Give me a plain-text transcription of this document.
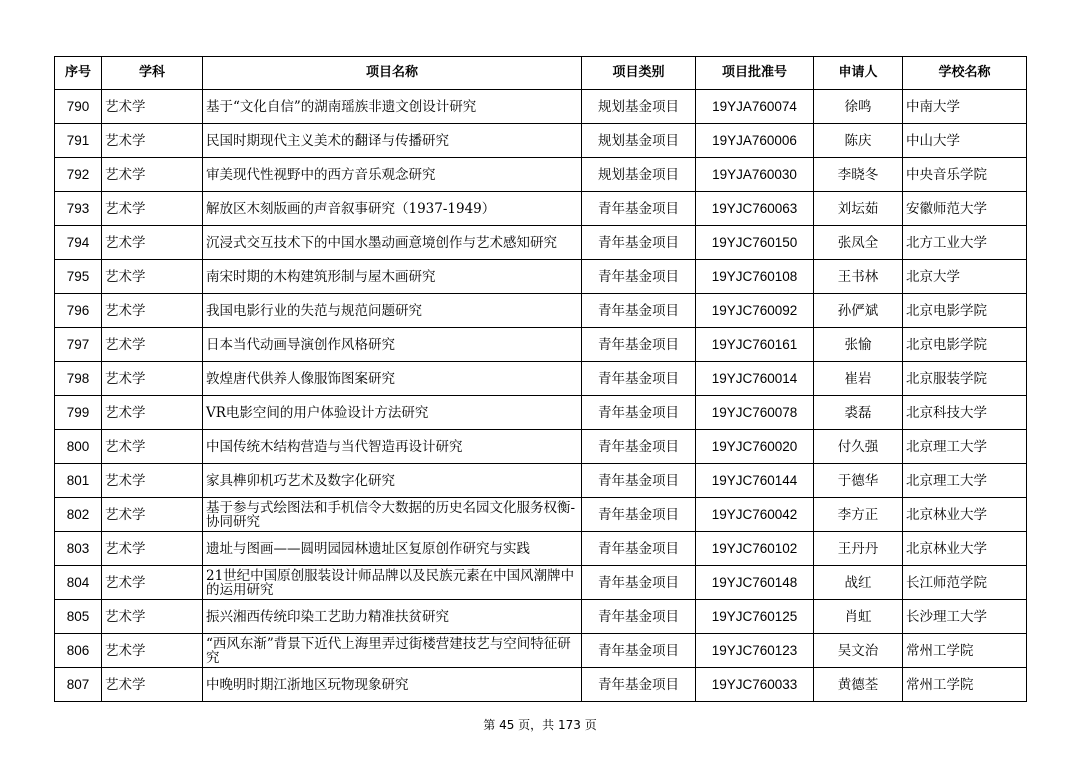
序号	学科	项目名称	项目类别	项目批准号	申请人	学校名称
790	艺术学	基于“文化自信”的湖南瑶族非遗文创设计研究	规划基金项目	19YJA760074	徐鸣	中南大学
791	艺术学	民国时期现代主义美术的翻译与传播研究	规划基金项目	19YJA760006	陈庆	中山大学
792	艺术学	审美现代性视野中的西方音乐观念研究	规划基金项目	19YJA760030	李晓冬	中央音乐学院
793	艺术学	解放区木刻版画的声音叙事研究（1937-1949）	青年基金项目	19YJC760063	刘坛茹	安徽师范大学
794	艺术学	沉浸式交互技术下的中国水墨动画意境创作与艺术感知研究	青年基金项目	19YJC760150	张凤全	北方工业大学
795	艺术学	南宋时期的木构建筑形制与屋木画研究	青年基金项目	19YJC760108	王书林	北京大学
796	艺术学	我国电影行业的失范与规范问题研究	青年基金项目	19YJC760092	孙俨斌	北京电影学院
797	艺术学	日本当代动画导演创作风格研究	青年基金项目	19YJC760161	张愉	北京电影学院
798	艺术学	敦煌唐代供养人像服饰图案研究	青年基金项目	19YJC760014	崔岩	北京服装学院
799	艺术学	VR电影空间的用户体验设计方法研究	青年基金项目	19YJC760078	裘磊	北京科技大学
800	艺术学	中国传统木结构营造与当代智造再设计研究	青年基金项目	19YJC760020	付久强	北京理工大学
801	艺术学	家具榫卯机巧艺术及数字化研究	青年基金项目	19YJC760144	于德华	北京理工大学
802	艺术学	基于参与式绘图法和手机信令大数据的历史名园文化服务权衡-协同研究	青年基金项目	19YJC760042	李方正	北京林业大学
803	艺术学	遗址与图画——圆明园园林遗址区复原创作研究与实践	青年基金项目	19YJC760102	王丹丹	北京林业大学
804	艺术学	21世纪中国原创服装设计师品牌以及民族元素在中国风潮牌中的运用研究	青年基金项目	19YJC760148	战红	长江师范学院
805	艺术学	振兴湘西传统印染工艺助力精准扶贫研究	青年基金项目	19YJC760125	肖虹	长沙理工大学
806	艺术学	“西风东渐”背景下近代上海里弄过街楼营建技艺与空间特征研究	青年基金项目	19YJC760123	吴文治	常州工学院
807	艺术学	中晚明时期江浙地区玩物现象研究	青年基金项目	19YJC760033	黄德荃	常州工学院
第 45 页，共 173 页
